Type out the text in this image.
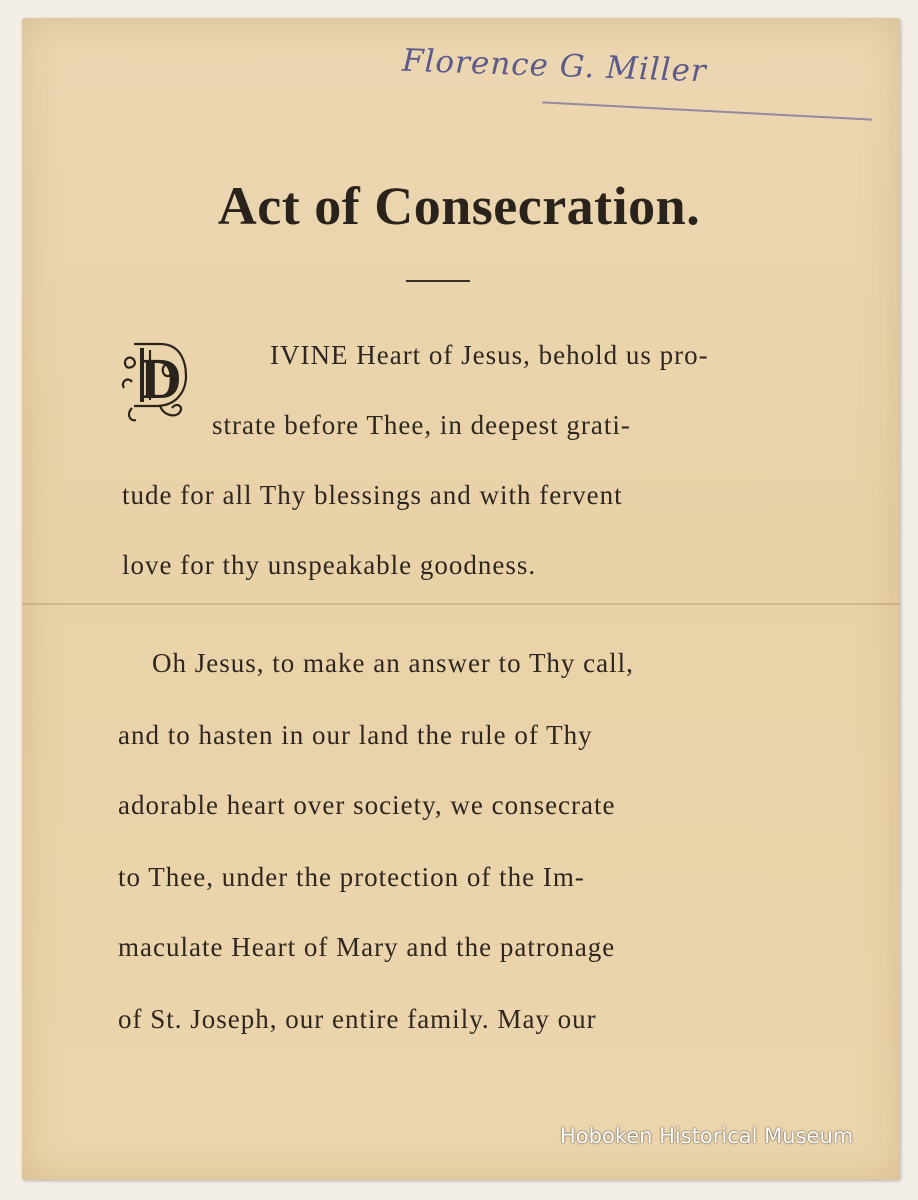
Florence G. Miller
Act of Consecration.
D	IVINE Heart of Jesus, behold us pro-
strate before Thee, in deepest grati-
tude for all Thy blessings and with fervent
love for thy unspeakable goodness.
Oh Jesus, to make an answer to Thy call,
and to hasten in our land the rule of Thy
adorable heart over society, we consecrate
to Thee, under the protection of the Im-
maculate Heart of Mary and the patronage
of St. Joseph, our entire family. May our
Hoboken Historical Museum
